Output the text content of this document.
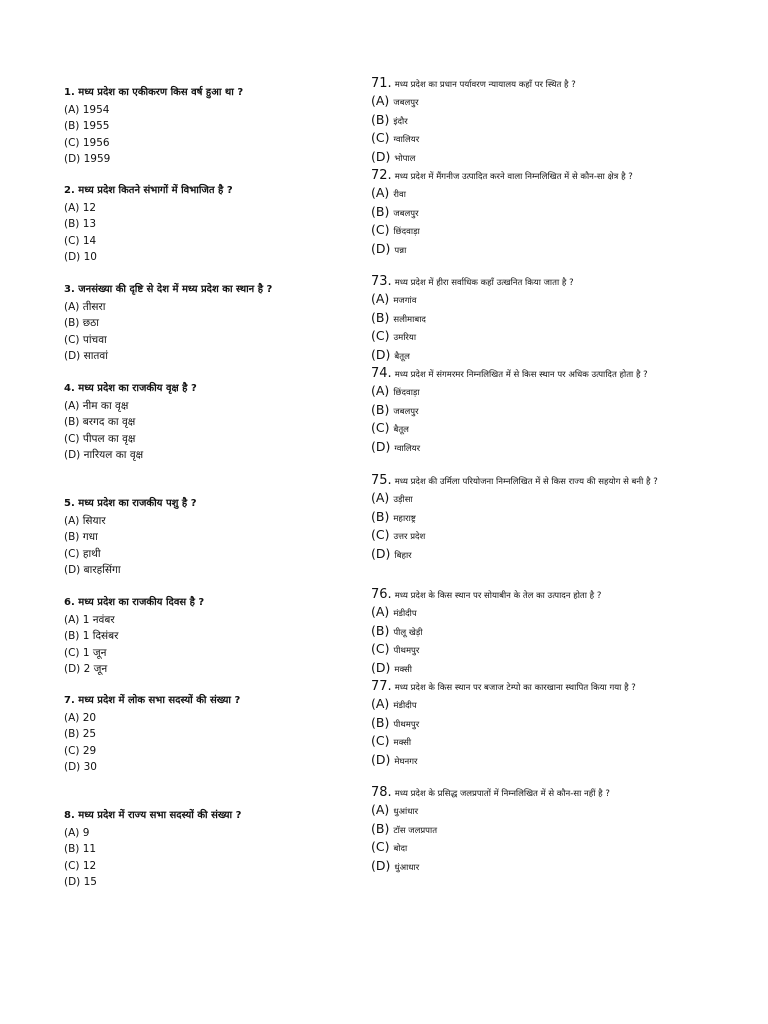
1. मध्य प्रदेश का एकीकरण किस वर्ष हुआ था ?
(A) 1954
(B) 1955
(C) 1956
(D) 1959
2. मध्य प्रदेश कितने संभागों में विभाजित है ?
(A) 12
(B) 13
(C) 14
(D) 10
3. जनसंख्या की दृष्टि से देश में मध्य प्रदेश का स्थान है ?
(A) तीसरा
(B) छठा
(C) पांचवा
(D) सातवां
4. मध्य प्रदेश का राजकीय वृक्ष है ?
(A) नीम का वृक्ष
(B) बरगद का वृक्ष
(C) पीपल का वृक्ष
(D) नारियल का वृक्ष
5. मध्य प्रदेश का राजकीय पशु है ?
(A) सियार
(B) गधा
(C) हाथी
(D) बारहसिंगा
6. मध्य प्रदेश का राजकीय दिवस है ?
(A) 1 नवंबर
(B) 1 दिसंबर
(C) 1 जून
(D) 2 जून
7. मध्य प्रदेश में लोक सभा सदस्यों की संख्या ?
(A) 20
(B) 25
(C) 29
(D) 30
8. मध्य प्रदेश में राज्य सभा सदस्यों की संख्या ?
(A) 9
(B) 11
(C) 12
(D) 15
71. मध्य प्रदेश का प्रधान पर्यावरण न्यायालय कहाँ पर स्थित है ?
(A) जबलपुर
(B) इंदौर
(C) ग्वालियर
(D) भोपाल
72. मध्य प्रदेश में मैंगनीज उत्पादित करने वाला निम्नलिखित में से कौन-सा क्षेत्र है ?
(A) रीवा
(B) जबलपुर
(C) छिंदवाड़ा
(D) पन्ना
73. मध्य प्रदेश में हीरा सर्वाधिक कहाँ उत्खनित किया जाता है ?
(A) मजगांव
(B) सलीमाबाद
(C) उमरिया
(D) बैतूल
74. मध्य प्रदेश में संगमरमर निम्नलिखित में से किस स्थान पर अधिक उत्पादित होता है ?
(A) छिंदवाड़ा
(B) जबलपुर
(C) बैतूल
(D) ग्वालियर
75. मध्य प्रदेश की उर्मिला परियोजना निम्नलिखित में से किस राज्य की सहयोग से बनी है ?
(A) उड़ीसा
(B) महाराष्ट्र
(C) उत्तर प्रदेश
(D) बिहार
76. मध्य प्रदेश के किस स्थान पर सोयाबीन के तेल का उत्पादन होता है ?
(A) मंडीदीप
(B) पीलू खेड़ी
(C) पीथमपुर
(D) मक्सी
77. मध्य प्रदेश के किस स्थान पर बजाज टेम्पो का कारखाना स्थापित किया गया है ?
(A) मंडीदीप
(B) पीथमपुर
(C) मक्सी
(D) मेघनगर
78. मध्य प्रदेश के प्रसिद्ध जलप्रपातों में निम्नलिखित में से कौन-सा नहीं है ?
(A) धुआंधार
(B) टॉस जलप्रपात
(C) बोदा
(D) धुंआधार
